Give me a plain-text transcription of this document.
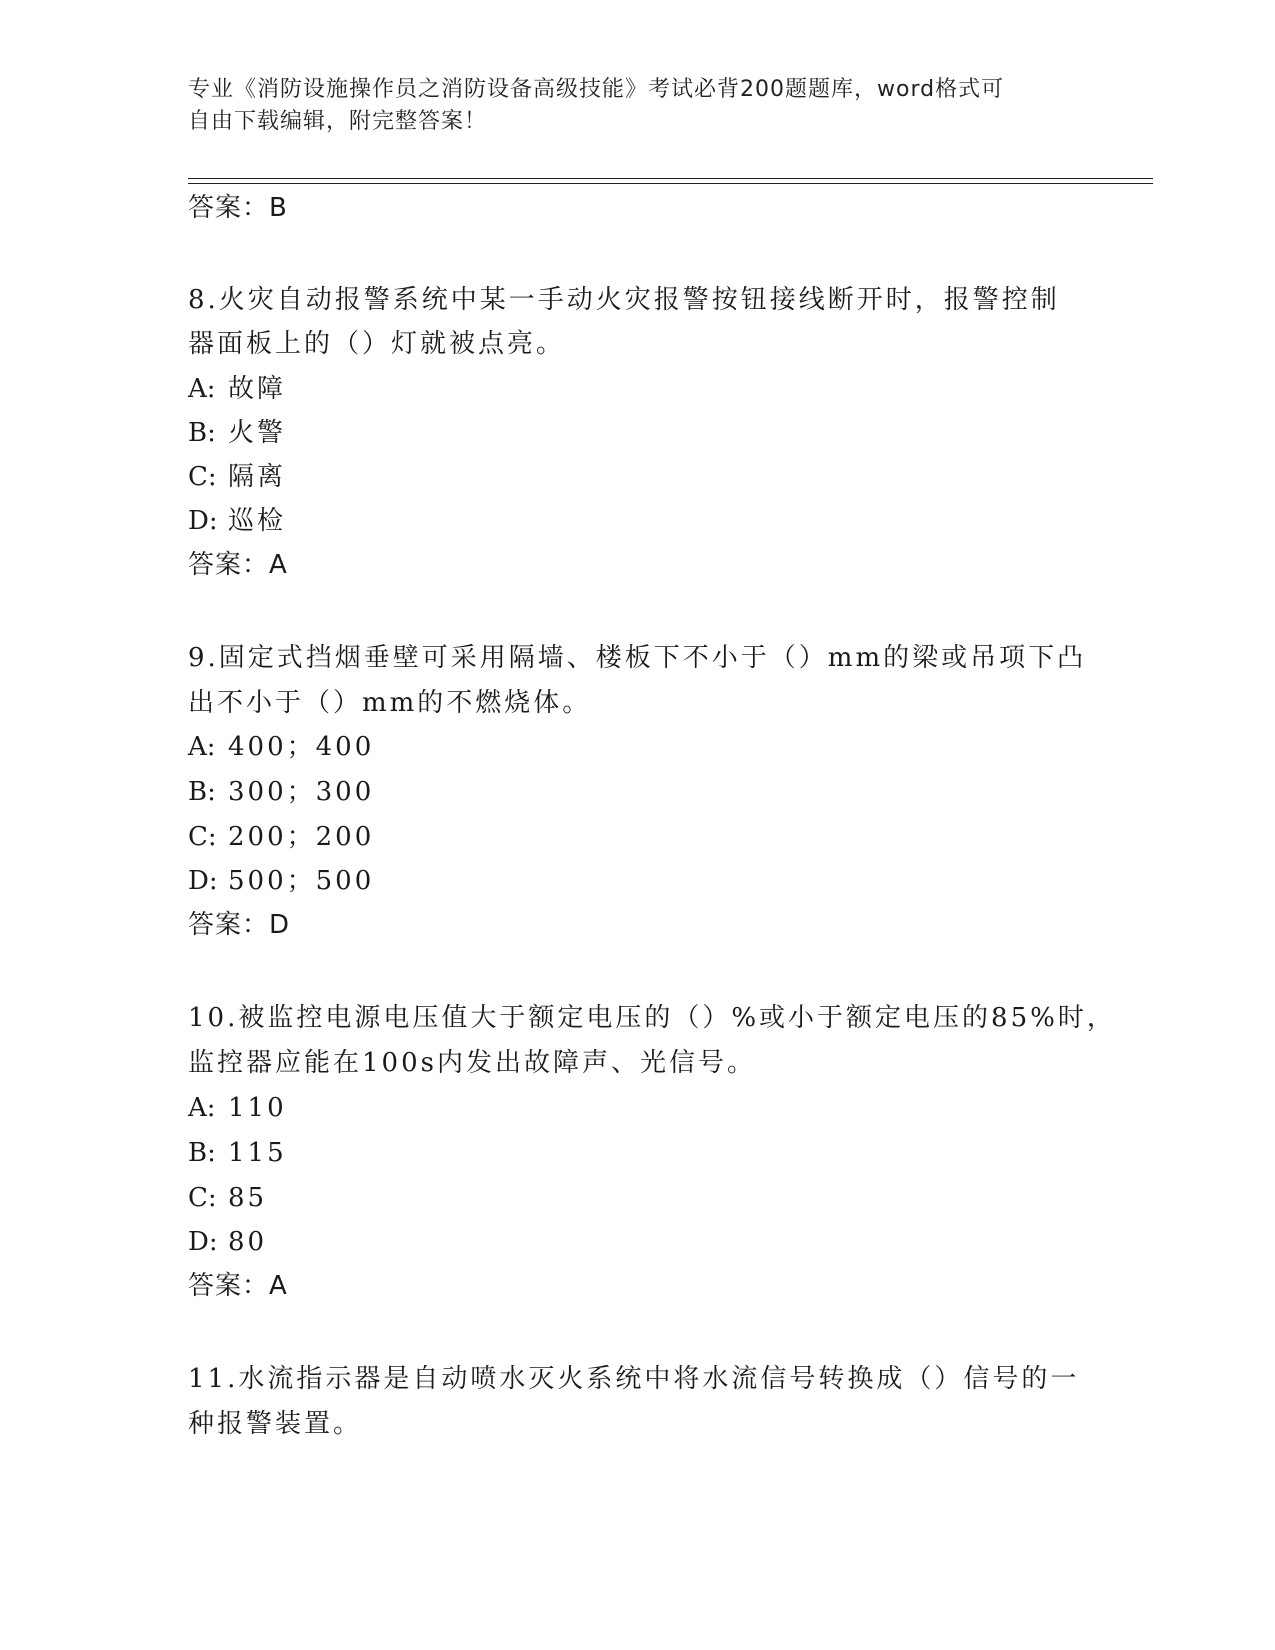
专业《消防设施操作员之消防设备高级技能》考试必背200题题库，word格式可
自由下载编辑，附完整答案！
答案：B
8.火灾自动报警系统中某一手动火灾报警按钮接线断开时，报警控制
器面板上的（）灯就被点亮。
A: 故障
B: 火警
C: 隔离
D: 巡检
答案：A
9.固定式挡烟垂壁可采用隔墙、楼板下不小于（）mm的梁或吊项下凸
出不小于（）mm的不燃烧体。
A: 400；400
B: 300；300
C: 200；200
D: 500；500
答案：D
10.被监控电源电压值大于额定电压的（）%或小于额定电压的85%时，
监控器应能在100s内发出故障声、光信号。
A: 110
B: 115
C: 85
D: 80
答案：A
11.水流指示器是自动喷水灭火系统中将水流信号转换成（）信号的一
种报警装置。
